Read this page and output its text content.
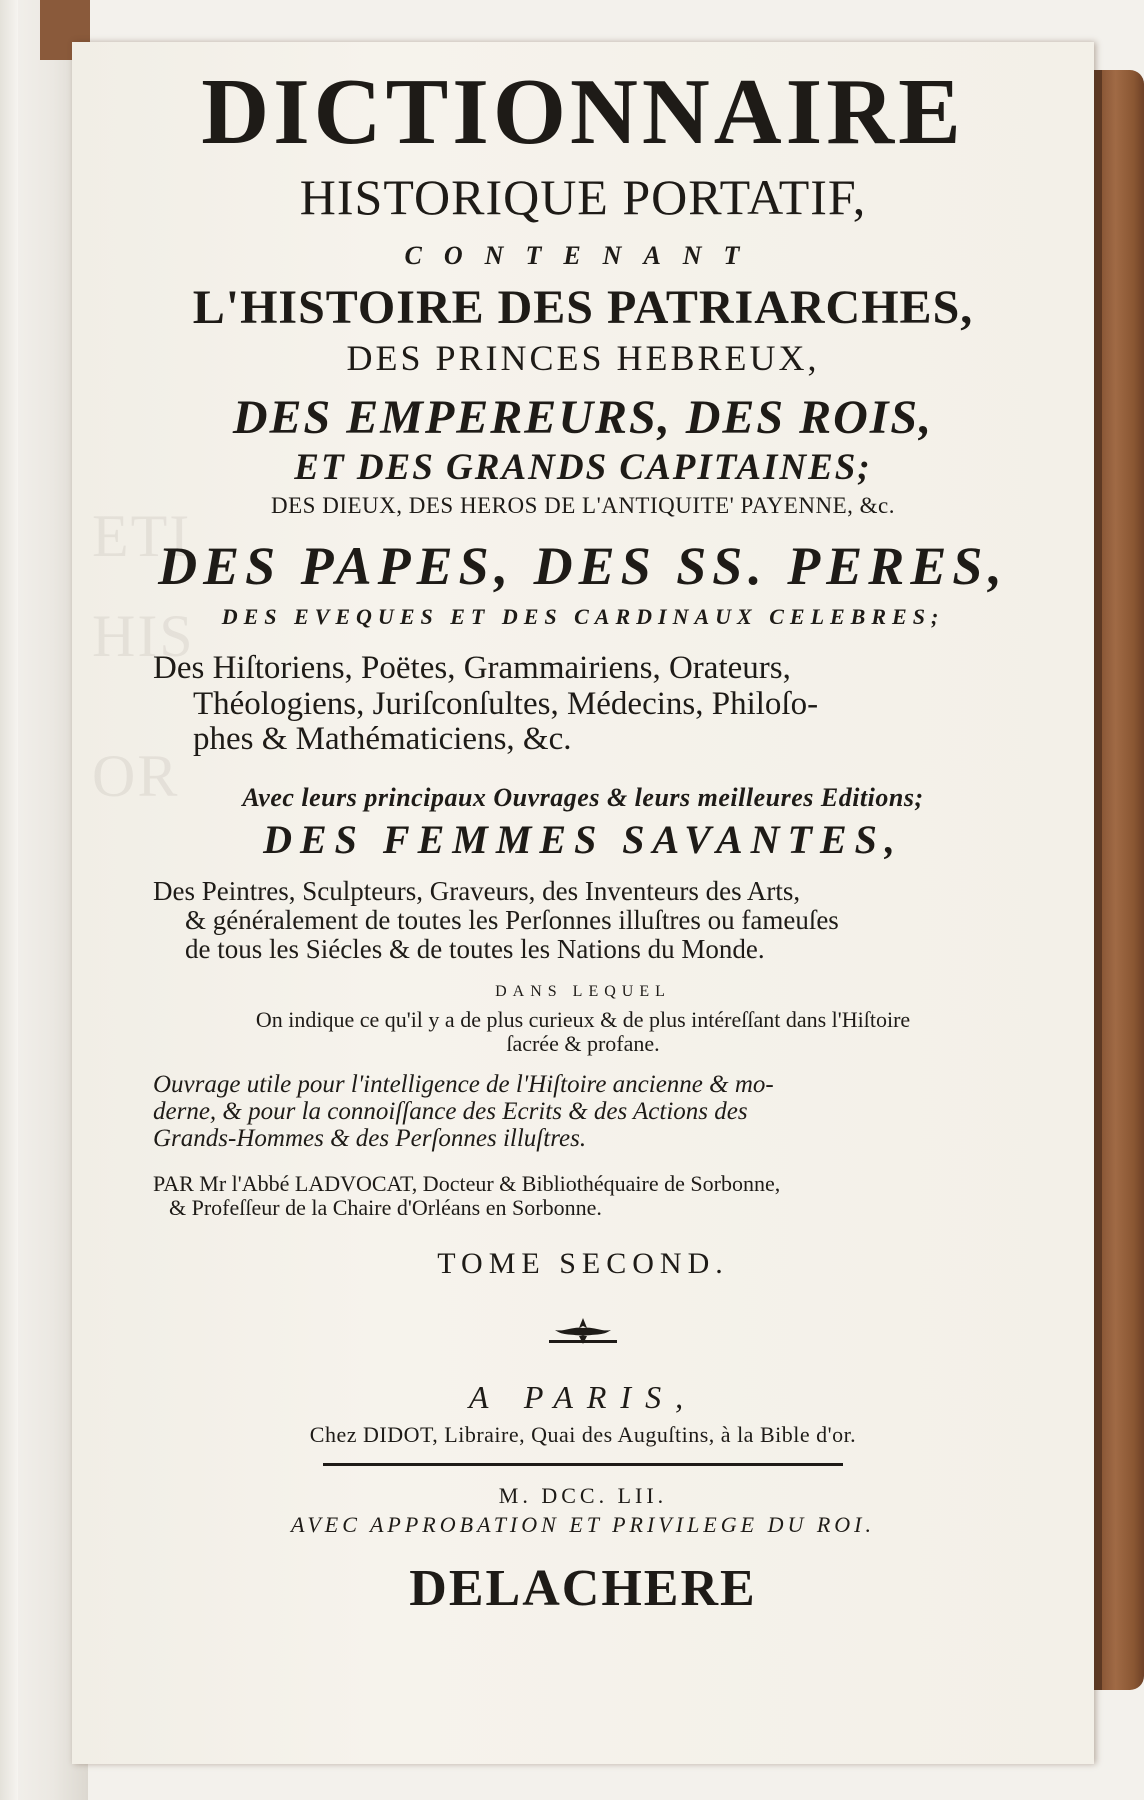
ETI
HIS
OR
DICTIONNAIRE
HISTORIQUE PORTATIF,
CONTENANT
L'HISTOIRE DES PATRIARCHES,
DES PRINCES HEBREUX,
DES EMPEREURS, DES ROIS,
ET DES GRANDS CAPITAINES;
DES DIEUX, DES HEROS DE L'ANTIQUITE' PAYENNE, &c.
DES PAPES, DES SS. PERES,
DES EVEQUES ET DES CARDINAUX CELEBRES;
Des Hiſtoriens, Poëtes, Grammairiens, Orateurs,
Théologiens, Juriſconſultes, Médecins, Philoſo-
phes & Mathématiciens, &c.
Avec leurs principaux Ouvrages & leurs meilleures Editions;
DES FEMMES SAVANTES,
Des Peintres, Sculpteurs, Graveurs, des Inventeurs des Arts,
& généralement de toutes les Perſonnes illuſtres ou fameuſes
de tous les Siécles & de toutes les Nations du Monde.
DANS LEQUEL
On indique ce qu'il y a de plus curieux & de plus intéreſſant dans l'Hiſtoire
ſacrée & profane.
Ouvrage utile pour l'intelligence de l'Hiſtoire ancienne & mo-
derne, & pour la connoiſſance des Ecrits & des Actions des
Grands-Hommes & des Perſonnes illuſtres.
PAR Mr l'Abbé LADVOCAT, Docteur & Bibliothéquaire de Sorbonne,
& Profeſſeur de la Chaire d'Orléans en Sorbonne.
TOME SECOND.
A PARIS,
Chez DIDOT, Libraire, Quai des Auguſtins, à la Bible d'or.
M. DCC. LII.
AVEC APPROBATION ET PRIVILEGE DU ROI.
DELACHERE
